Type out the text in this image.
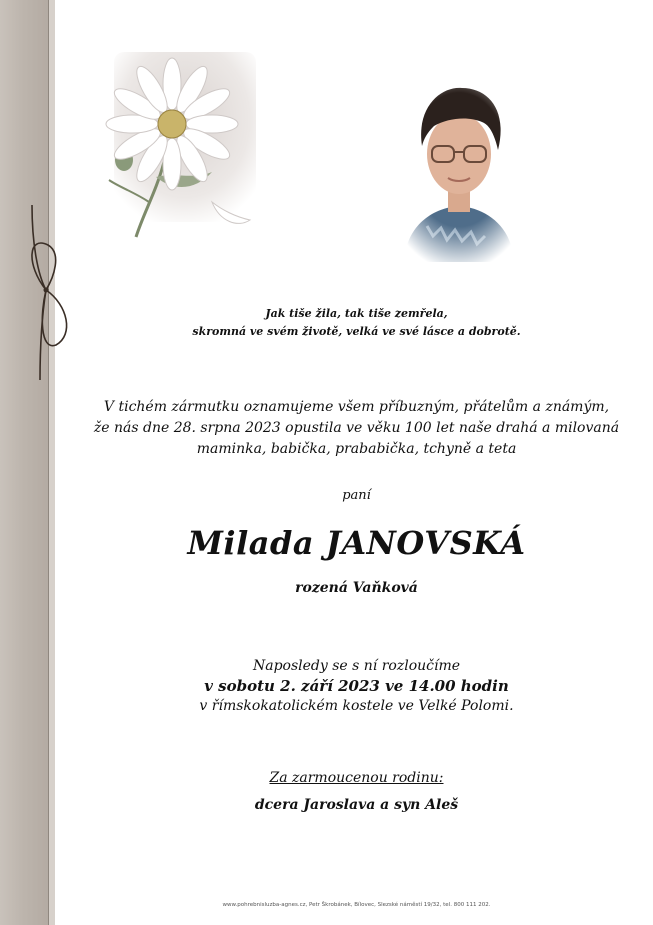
Jak tiše žila, tak tiše zemřela,
skromná ve svém životě, velká ve své lásce a dobrotě.
V tichém zármutku oznamujeme všem příbuzným, přátelům a známým,
že nás dne 28. srpna 2023 opustila ve věku 100 let naše drahá a milovaná
maminka, babička, prababička, tchyně a teta
paní
Milada JANOVSKÁ
rozená Vaňková
Naposledy se s ní rozloučíme
v sobotu 2. září 2023 ve 14.00 hodin
v římskokatolickém kostele ve Velké Polomi.
Za zarmoucenou rodinu:
dcera Jaroslava a syn Aleš
www.pohrebnisluzba-agnes.cz, Petr Škrobánek, Bílovec, Slezské náměstí 19/32, tel. 800 111 202.
